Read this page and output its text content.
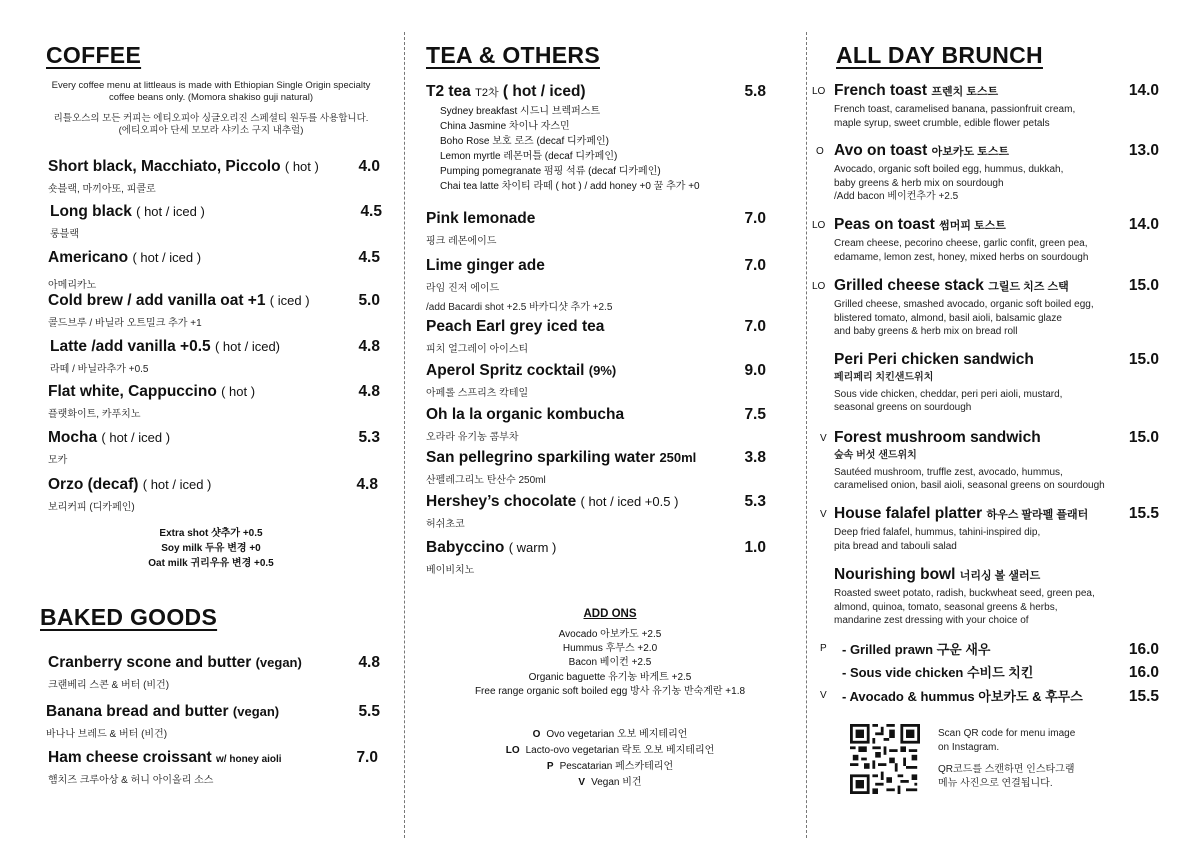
COFFEE
Every coffee menu at littleaus is made with Ethiopian Single Origin specialty coffee beans only. (Momora shakiso guji natural)
리틀오스의 모든 커피는 에티오피아 싱글오리진 스페셜티 원두를 사용합니다.
(에티오피아 단세 모모라 샤키소 구지 내추럴)
Short black, Macchiato, Piccolo ( hot )	4.0
숏블랙, 마끼아또, 피콜로
Long black ( hot / iced )	4.5
롱블랙
Americano ( hot / iced )	4.5
아메리카노
Cold brew / add vanilla oat +1 ( iced )	5.0
콜드브루 / 바닐라 오트밀크 추가 +1
Latte /add vanilla +0.5 ( hot / iced)	4.8
라떼 / 바닐라추가 +0.5
Flat white, Cappuccino ( hot )	4.8
플랫화이트, 카푸치노
Mocha ( hot / iced )	5.3
모카
Orzo (decaf) ( hot / iced )	4.8
보리커피 (디카페인)
Extra shot 샷추가 +0.5
Soy milk 두유 변경 +0
Oat milk 귀리우유 변경 +0.5
BAKED GOODS
Cranberry scone and butter (vegan)	4.8
크랜베리 스콘 & 버터 (비건)
Banana bread and butter (vegan)	5.5
바나나 브레드 & 버터 (비건)
Ham cheese croissant w/ honey aioli	7.0
햄치즈 크루아상 & 허니 아이올리 소스
TEA & OTHERS
T2 tea T2차 ( hot / iced)	5.8
Sydney breakfast 시드니 브렉퍼스트
China Jasmine 차이나 자스민
Boho Rose 보호 로즈 (decaf 디카페인)
Lemon myrtle 레몬머틀 (decaf 디카페인)
Pumping pomegranate 펌핑 석류 (decaf 디카페인)
Chai tea latte 차이티 라떼 ( hot ) / add honey +0 꿀 추가 +0
Pink lemonade	7.0
핑크 레몬에이드
Lime ginger ade	7.0
라임 진저 에이드
/add Bacardi shot +2.5 바카디샷 추가 +2.5
Peach Earl grey iced tea	7.0
피치 얼그레이 아이스티
Aperol Spritz cocktail (9%)	9.0
아페롤 스프리츠 칵테일
Oh la la organic kombucha	7.5
오라라 유기농 콤부차
San pellegrino sparkiling water 250ml	3.8
산펠레그리노 탄산수 250ml
Hershey’s chocolate ( hot / iced +0.5 )	5.3
허쉬초코
Babyccino ( warm )	1.0
베이비치노
ADD ONS
Avocado 아보카도 +2.5
Hummus 후무스 +2.0
Bacon 베이컨 +2.5
Organic baguette 유기농 바게트 +2.5
Free range organic soft boiled egg 방사 유기농 반숙계란 +1.8
O Ovo vegetarian 오보 베지테리언
LO Lacto-ovo vegetarian 락토 오보 베지테리언
P Pescatarian 페스카테리언
V Vegan 비건
ALL DAY BRUNCH
LO French toast 프렌치 토스트	14.0
French toast, caramelised banana, passionfruit cream,
maple syrup, sweet crumble, edible flower petals
O Avo on toast 아보카도 토스트	13.0
Avocado, organic soft boiled egg, hummus, dukkah,
baby greens & herb mix on sourdough
/Add bacon 베이컨추가 +2.5
LO Peas on toast 썸머피 토스트	14.0
Cream cheese, pecorino cheese, garlic confit, green pea,
edamame, lemon zest, honey, mixed herbs on sourdough
LO Grilled cheese stack 그릴드 치즈 스택	15.0
Grilled cheese, smashed avocado, organic soft boiled egg,
blistered tomato, almond, basil aioli, balsamic glaze
and baby greens & herb mix on bread roll
Peri Peri chicken sandwich	15.0
페리페리 치킨샌드위치
Sous vide chicken, cheddar, peri peri aioli, mustard,
seasonal greens on sourdough
V Forest mushroom sandwich	15.0
숲속 버섯 샌드위치
Sautéed mushroom, truffle zest, avocado, hummus,
caramelised onion, basil aioli, seasonal greens on sourdough
V House falafel platter 하우스 팔라펠 플래터	15.5
Deep fried falafel, hummus, tahini-inspired dip,
pita bread and tabouli salad
Nourishing bowl 너리싱 볼 샐러드
Roasted sweet potato, radish, buckwheat seed, green pea,
almond, quinoa, tomato, seasonal greens & herbs,
mandarine zest dressing with your choice of
P - Grilled prawn 구운 새우	16.0
- Sous vide chicken 수비드 치킨	16.0
V - Avocado & hummus 아보카도 & 후무스	15.5
Scan QR code for menu image
on Instagram.
QR코드를 스캔하면 인스타그램
메뉴 사진으로 연결됩니다.
